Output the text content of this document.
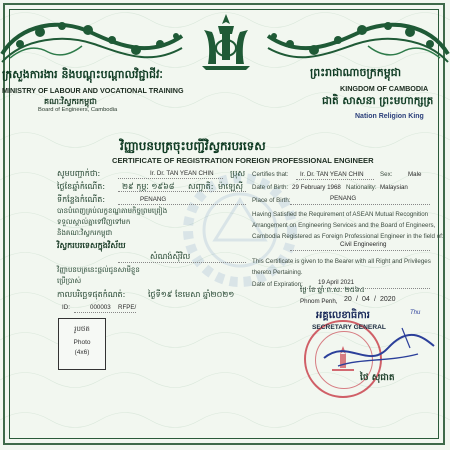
ក្រសួងការងារ និងបណ្តុះបណ្តាលវិជ្ជាជីវៈ
MINISTRY OF LABOUR AND VOCATIONAL TRAINING
គណៈវិស្វករកម្ពុជា
Board of Engineers, Cambodia
ព្រះរាជាណាចក្រកម្ពុជា
KINGDOM OF CAMBODIA
ជាតិ សាសនា ព្រះមហាក្សត្រ
Nation Religion King
វិញ្ញាបនបត្រចុះបញ្ជីវិស្វករបរទេស
CERTIFICATE OF REGISTRATION FOREIGN PROFESSIONAL ENGINEER
សូមបញ្ជាក់ថា:	Ir. Dr. TAN YEAN CHIN ប្រុស
ថ្ងៃខែឆ្នាំកំណើត: ២៩ កុម្ភៈ ១៩៦៨ សញ្ជាតិ: ម៉ាឡេស៊ី
ទីកន្លែងកំណើត:	PENANG
បានបំពេញគ្រប់លក្ខខណ្ឌតាមកិច្ចព្រមព្រៀង
ទទួលស្គាល់គ្នាទៅវិញទៅមក
និងគណៈវិស្វករកម្ពុជា
វិស្វករបរទេសក្នុងវិស័យ
សំណង់ស៊ីវិល
វិញ្ញាបនបត្រនេះផ្តល់ជូនសាមីខ្លួន
ប្រើប្រាស់
កាលបរិច្ឆេទផុតកំណត់:	ថ្ងៃទី១៩ ខែមេសា ឆ្នាំ២០២១
ID:	000003 RFPE/
រូបថត
Photo
(4x6)
Certifies that: Ir. Dr. TAN YEAN CHIN	Sex:	Male
Date of Birth: 29 February 1968 Nationality: Malaysian
Place of Birth:	PENANG
Having Satisfied the Requirement of ASEAN Mutual Recognition
Arrangement on Engineering Services and the Board of Engineers,
Cambodia Registered as Foreign Professional Engineer in the field of:
Civil Engineering
This Certificate is given to the Bearer with all Right and Privileges
thereto Pertaining.
Date of Expiration: 19 April 2021
ថ្ងៃ ខែ ឆ្នាំ ព.ស. ២៥៦៤
Phnom Penh, 20 / 04 / 2020
អគ្គលេខាធិការ
SECRETARY GENERAL
Thu
ថៃ សុជាត
